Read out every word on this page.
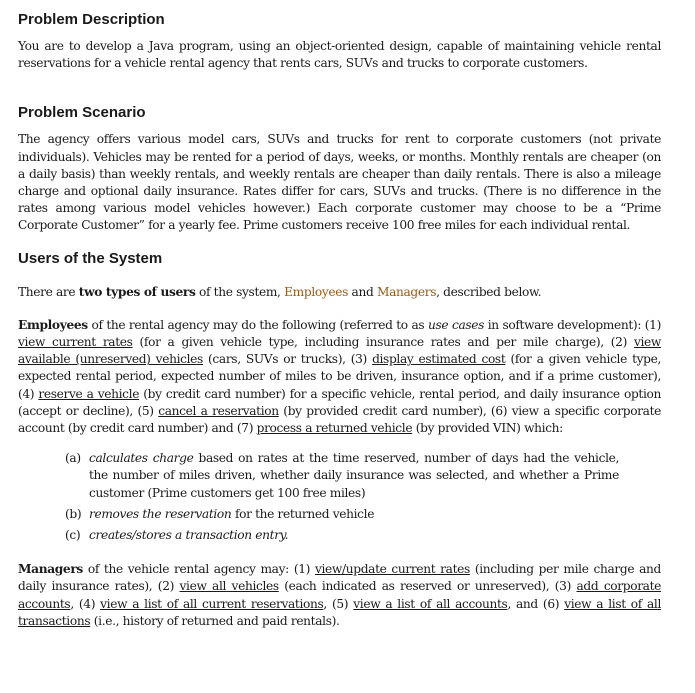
Problem Description

You are to develop a Java program, using an object-oriented design, capable of maintaining vehicle rental reservations for a vehicle rental agency that rents cars, SUVs and trucks to corporate customers.

Problem Scenario

The agency offers various model cars, SUVs and trucks for rent to corporate customers (not private individuals). Vehicles may be rented for a period of days, weeks, or months. Monthly rentals are cheaper (on a daily basis) than weekly rentals, and weekly rentals are cheaper than daily rentals. There is also a mileage charge and optional daily insurance. Rates differ for cars, SUVs and trucks. (There is no difference in the rates among various model vehicles however.) Each corporate customer may choose to be a “Prime Corporate Customer” for a yearly fee. Prime customers receive 100 free miles for each individual rental.

Users of the System

There are two types of users of the system, Employees and Managers, described below.

Employees of the rental agency may do the following (referred to as use cases in software development): (1) view current rates (for a given vehicle type, including insurance rates and per mile charge), (2) view available (unreserved) vehicles (cars, SUVs or trucks), (3) display estimated cost (for a given vehicle type, expected rental period, expected number of miles to be driven, insurance option, and if a prime customer), (4) reserve a vehicle (by credit card number) for a specific vehicle, rental period, and daily insurance option (accept or decline), (5) cancel a reservation (by provided credit card number), (6) view a specific corporate account (by credit card number) and (7) process a returned vehicle (by provided VIN) which:

(a) calculates charge based on rates at the time reserved, number of days had the vehicle, the number of miles driven, whether daily insurance was selected, and whether a Prime customer (Prime customers get 100 free miles)
(b) removes the reservation for the returned vehicle
(c) creates/stores a transaction entry.

Managers of the vehicle rental agency may: (1) view/update current rates (including per mile charge and daily insurance rates), (2) view all vehicles (each indicated as reserved or unreserved), (3) add corporate accounts, (4) view a list of all current reservations, (5) view a list of all accounts, and (6) view a list of all transactions (i.e., history of returned and paid rentals).
